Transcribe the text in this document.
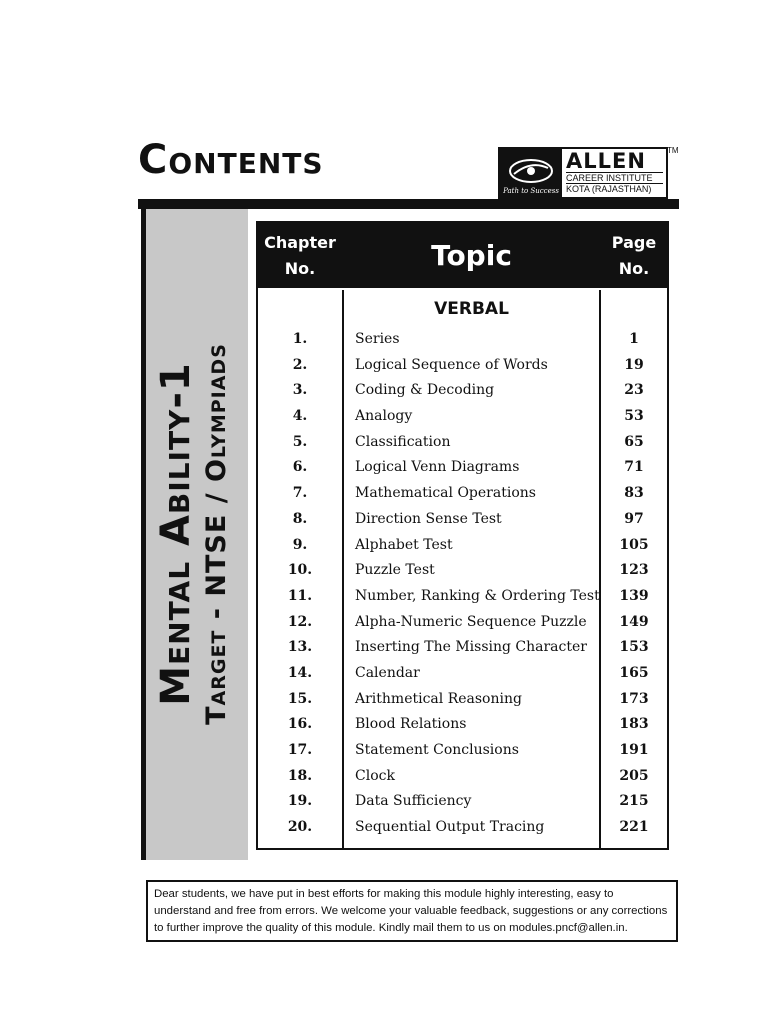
Contents
Path to Success
ALLEN
CAREER INSTITUTE
KOTA (RAJASTHAN)
TM
Mental Ability-1 Target - NTSE / Olympiads
Chapter No.	Topic	Page No.
VERBAL
1.	Series	1
2.	Logical Sequence of Words	19
3.	Coding & Decoding	23
4.	Analogy	53
5.	Classification	65
6.	Logical Venn Diagrams	71
7.	Mathematical Operations	83
8.	Direction Sense Test	97
9.	Alphabet Test	105
10.	Puzzle Test	123
11.	Number, Ranking & Ordering Test	139
12.	Alpha-Numeric Sequence Puzzle	149
13.	Inserting The Missing Character	153
14.	Calendar	165
15.	Arithmetical Reasoning	173
16.	Blood Relations	183
17.	Statement Conclusions	191
18.	Clock	205
19.	Data Sufficiency	215
20.	Sequential Output Tracing	221
Dear students, we have put in best efforts for making this module highly interesting, easy to understand and free from errors. We welcome your valuable feedback, suggestions or any corrections to further improve the quality of this module. Kindly mail them to us on modules.pncf@allen.in.
